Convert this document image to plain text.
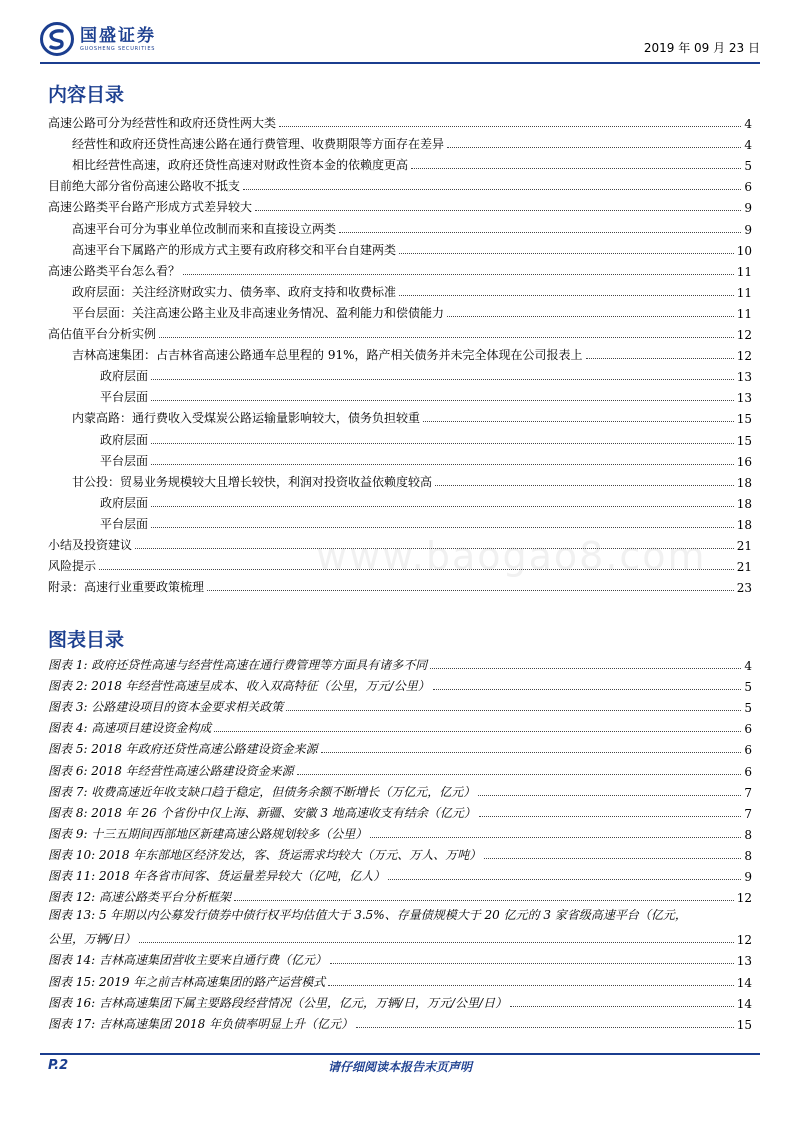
国盛证券
GUOSHENG SECURITIES	2019 年 09 月 23 日
内容目录
高速公路可分为经营性和政府还贷性两大类	4
经营性和政府还贷性高速公路在通行费管理、收费期限等方面存在差异	4
相比经营性高速，政府还贷性高速对财政性资本金的依赖度更高	5
目前绝大部分省份高速公路收不抵支	6
高速公路类平台路产形成方式差异较大	9
高速平台可分为事业单位改制而来和直接设立两类	9
高速平台下属路产的形成方式主要有政府移交和平台自建两类	10
高速公路类平台怎么看？	11
政府层面：关注经济财政实力、债务率、政府支持和收费标准	11
平台层面：关注高速公路主业及非高速业务情况、盈利能力和偿债能力	11
高估值平台分析实例	12
吉林高速集团：占吉林省高速公路通车总里程的 91%，路产相关债务并未完全体现在公司报表上	12
政府层面	13
平台层面	13
内蒙高路：通行费收入受煤炭公路运输量影响较大，债务负担较重	15
政府层面	15
平台层面	16
甘公投：贸易业务规模较大且增长较快，利润对投资收益依赖度较高	18
政府层面	18
平台层面	18
小结及投资建议	21
风险提示	21
附录：高速行业重要政策梳理	23
图表目录
图表 1: 政府还贷性高速与经营性高速在通行费管理等方面具有诸多不同	4
图表 2: 2018 年经营性高速呈成本、收入双高特征（公里，万元/公里）	5
图表 3: 公路建设项目的资本金要求相关政策	5
图表 4: 高速项目建设资金构成	6
图表 5: 2018 年政府还贷性高速公路建设资金来源	6
图表 6: 2018 年经营性高速公路建设资金来源	6
图表 7: 收费高速近年收支缺口趋于稳定，但债务余额不断增长（万亿元，亿元）	7
图表 8: 2018 年 26 个省份中仅上海、新疆、安徽 3 地高速收支有结余（亿元）	7
图表 9: 十三五期间西部地区新建高速公路规划较多（公里）	8
图表 10: 2018 年东部地区经济发达，客、货运需求均较大（万元、万人、万吨）	8
图表 11: 2018 年各省市间客、货运量差异较大（亿吨，亿人）	9
图表 12: 高速公路类平台分析框架	12
图表 13: 5 年期以内公募发行债券中债行权平均估值大于 3.5%、存量债规模大于 20 亿元的 3 家省级高速平台（亿元，
公里，万辆/日）	12
图表 14: 吉林高速集团营收主要来自通行费（亿元）	13
图表 15: 2019 年之前吉林高速集团的路产运营模式	14
图表 16: 吉林高速集团下属主要路段经营情况（公里，亿元，万辆/日，万元/公里/日）	14
图表 17: 吉林高速集团 2018 年负债率明显上升（亿元）	15
www.baogao8.com
P.2	请仔细阅读本报告末页声明
